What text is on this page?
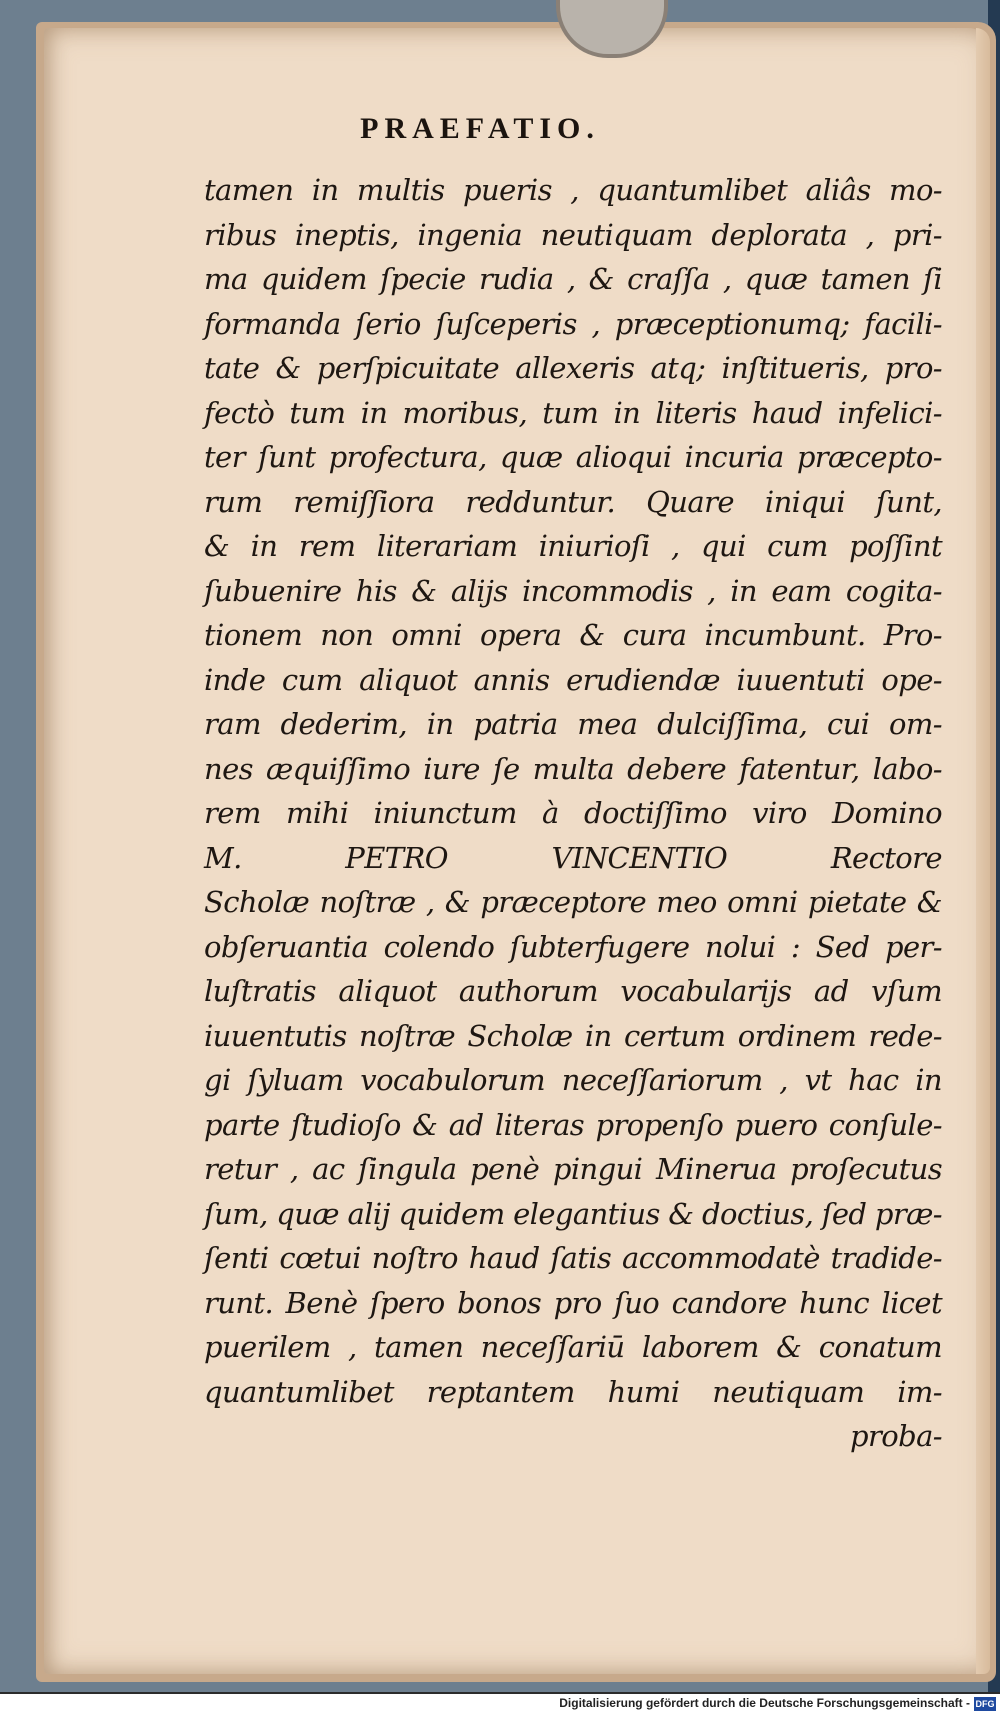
PRAEFATIO.
tamen in multis pueris , quantumlibet aliâs mo-
ribus ineptis, ingenia neutiquam deplorata , pri-
ma quidem ſpecie rudia , & craſſa , quæ tamen ſi
formanda ſerio ſuſceperis , præceptionumq; facili-
tate & perſpicuitate allexeris atq; inſtitueris, pro-
fectò tum in moribus, tum in literis haud infelici-
ter ſunt profectura, quæ alioqui incuria præcepto-
rum remiſſiora redduntur. Quare iniqui ſunt,
& in rem literariam iniurioſi , qui cum poſſint
ſubuenire his & alijs incommodis , in eam cogita-
tionem non omni opera & cura incumbunt. Pro-
inde cum aliquot annis erudiendæ iuuentuti ope-
ram dederim, in patria mea dulciſſima, cui om-
nes æquiſſimo iure ſe multa debere fatentur, labo-
rem mihi iniunctum à doctiſſimo viro Domino
M. PETRO VINCENTIO Rectore
Scholæ noſtræ , & præceptore meo omni pietate &
obſeruantia colendo ſubterfugere nolui : Sed per-
luſtratis aliquot authorum vocabularijs ad vſum
iuuentutis noſtræ Scholæ in certum ordinem rede-
gi ſyluam vocabulorum neceſſariorum , vt hac in
parte ſtudioſo & ad literas propenſo puero conſule-
retur , ac ſingula penè pingui Minerua proſecutus
ſum, quæ alij quidem elegantius & doctius, ſed præ-
ſenti cœtui noſtro haud ſatis accommodatè tradide-
runt. Benè ſpero bonos pro ſuo candore hunc licet
puerilem , tamen neceſſariū laborem & conatum
quantumlibet reptantem humi neutiquam im-
proba-
Digitalisierung gefördert durch die Deutsche Forschungsgemeinschaft - DFG
